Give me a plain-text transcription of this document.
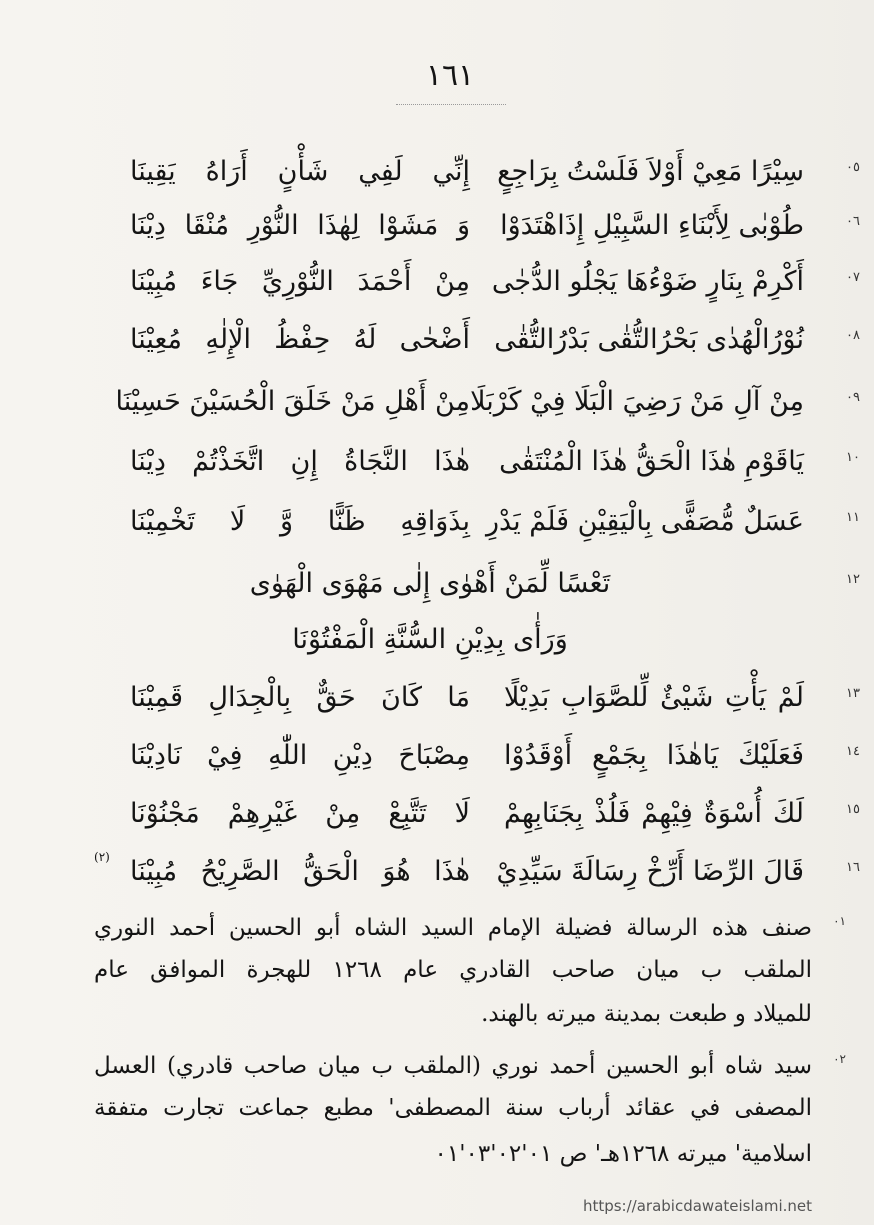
١٦١
٠٥
سِيْرًا مَعِيْ أَوْلاَ فَلَسْتُ بِرَاجِعٍ
إِنِّي لَفِي شَأْنٍ أَرَاهُ يَقِينَا
٠٦
طُوْبٰى لِأَبْنَاءِ السَّبِيْلِ إِذَاهْتَدَوْا
وَ مَشَوْا لِهٰذَا النُّوْرِ مُنْقَا دِيْنَا
٠٧
أَكْرِمْ بِنَارٍ ضَوْءُهَا يَجْلُو الدُّجٰى
مِنْ أَحْمَدَ النُّوْرِيِّ جَاءَ مُبِيْنَا
٠٨
نُوْرُالْهُدٰى بَحْرُالتُّقٰى بَدْرُالتُّقٰى
أَضْحٰى لَهُ حِفْظُ الْإِلٰهِ مُعِيْنَا
٠٩
مِنْ آلِ مَنْ رَضِيَ الْبَلَا فِيْ كَرْبَلَا
مِنْ أَهْلِ مَنْ خَلَقَ الْحُسَيْنَ حَسِيْنَا
١٠
يَاقَوْمِ هٰذَا الْحَقُّ هٰذَا الْمُنْتَقٰى
هٰذَا النَّجَاةُ إِنِ اتَّخَذْتُمْ دِيْنَا
١١
عَسَلٌ مُّصَفًّى بِالْيَقِيْنِ فَلَمْ يَدْرِ
بِذَوَاقِهِ ظَنًّا وَّ لَا تَخْمِيْنَا
١٢
تَعْسًا لِّمَنْ أَهْوٰى إِلٰى مَهْوَى الْهَوٰى
وَرَأٰى بِدِيْنِ السُّنَّةِ الْمَفْتُوْنَا
١٣
لَمْ يَأْتِ شَيْئٌ لِّلصَّوَابِ بَدِيْلًا
مَا كَانَ حَقٌّ بِالْجِدَالِ قَمِيْنَا
١٤
فَعَلَيْكَ يَاهٰذَا بِجَمْعٍ أَوْقَدُوْا
مِصْبَاحَ دِيْنِ اللّٰهِ فِيْ نَادِيْنَا
١٥
لَكَ أُسْوَةٌ فِيْهِمْ فَلُذْ بِجَنَابِهِمْ
لَا تَتَّبِعْ مِنْ غَيْرِهِمْ مَجْنُوْنَا
١٦
قَالَ الرِّضَا أَرِّخْ رِسَالَةَ سَيِّدِيْ
هٰذَا هُوَ الْحَقُّ الصَّرِيْحُ مُبِيْنَا
(٢)
٠١
صنف هذه الرسالة فضيلة الإمام السيد الشاه أبو الحسين أحمد النوري
الملقب ب ميان صاحب القادري عام ١٢٦٨ للهجرة الموافق عام
للميلاد و طبعت بمدينة ميرته بالهند.
٠٢
سيد شاه أبو الحسين أحمد نوري (الملقب ب ميان صاحب قادري) العسل
المصفى في عقائد أرباب سنة المصطفى' مطبع جماعت تجارت متفقة
اسلامية' ميرته ١٢٦٨هـ' ص ٠١'٠٢'٠٣'٠١
https://arabicdawateislami.net
